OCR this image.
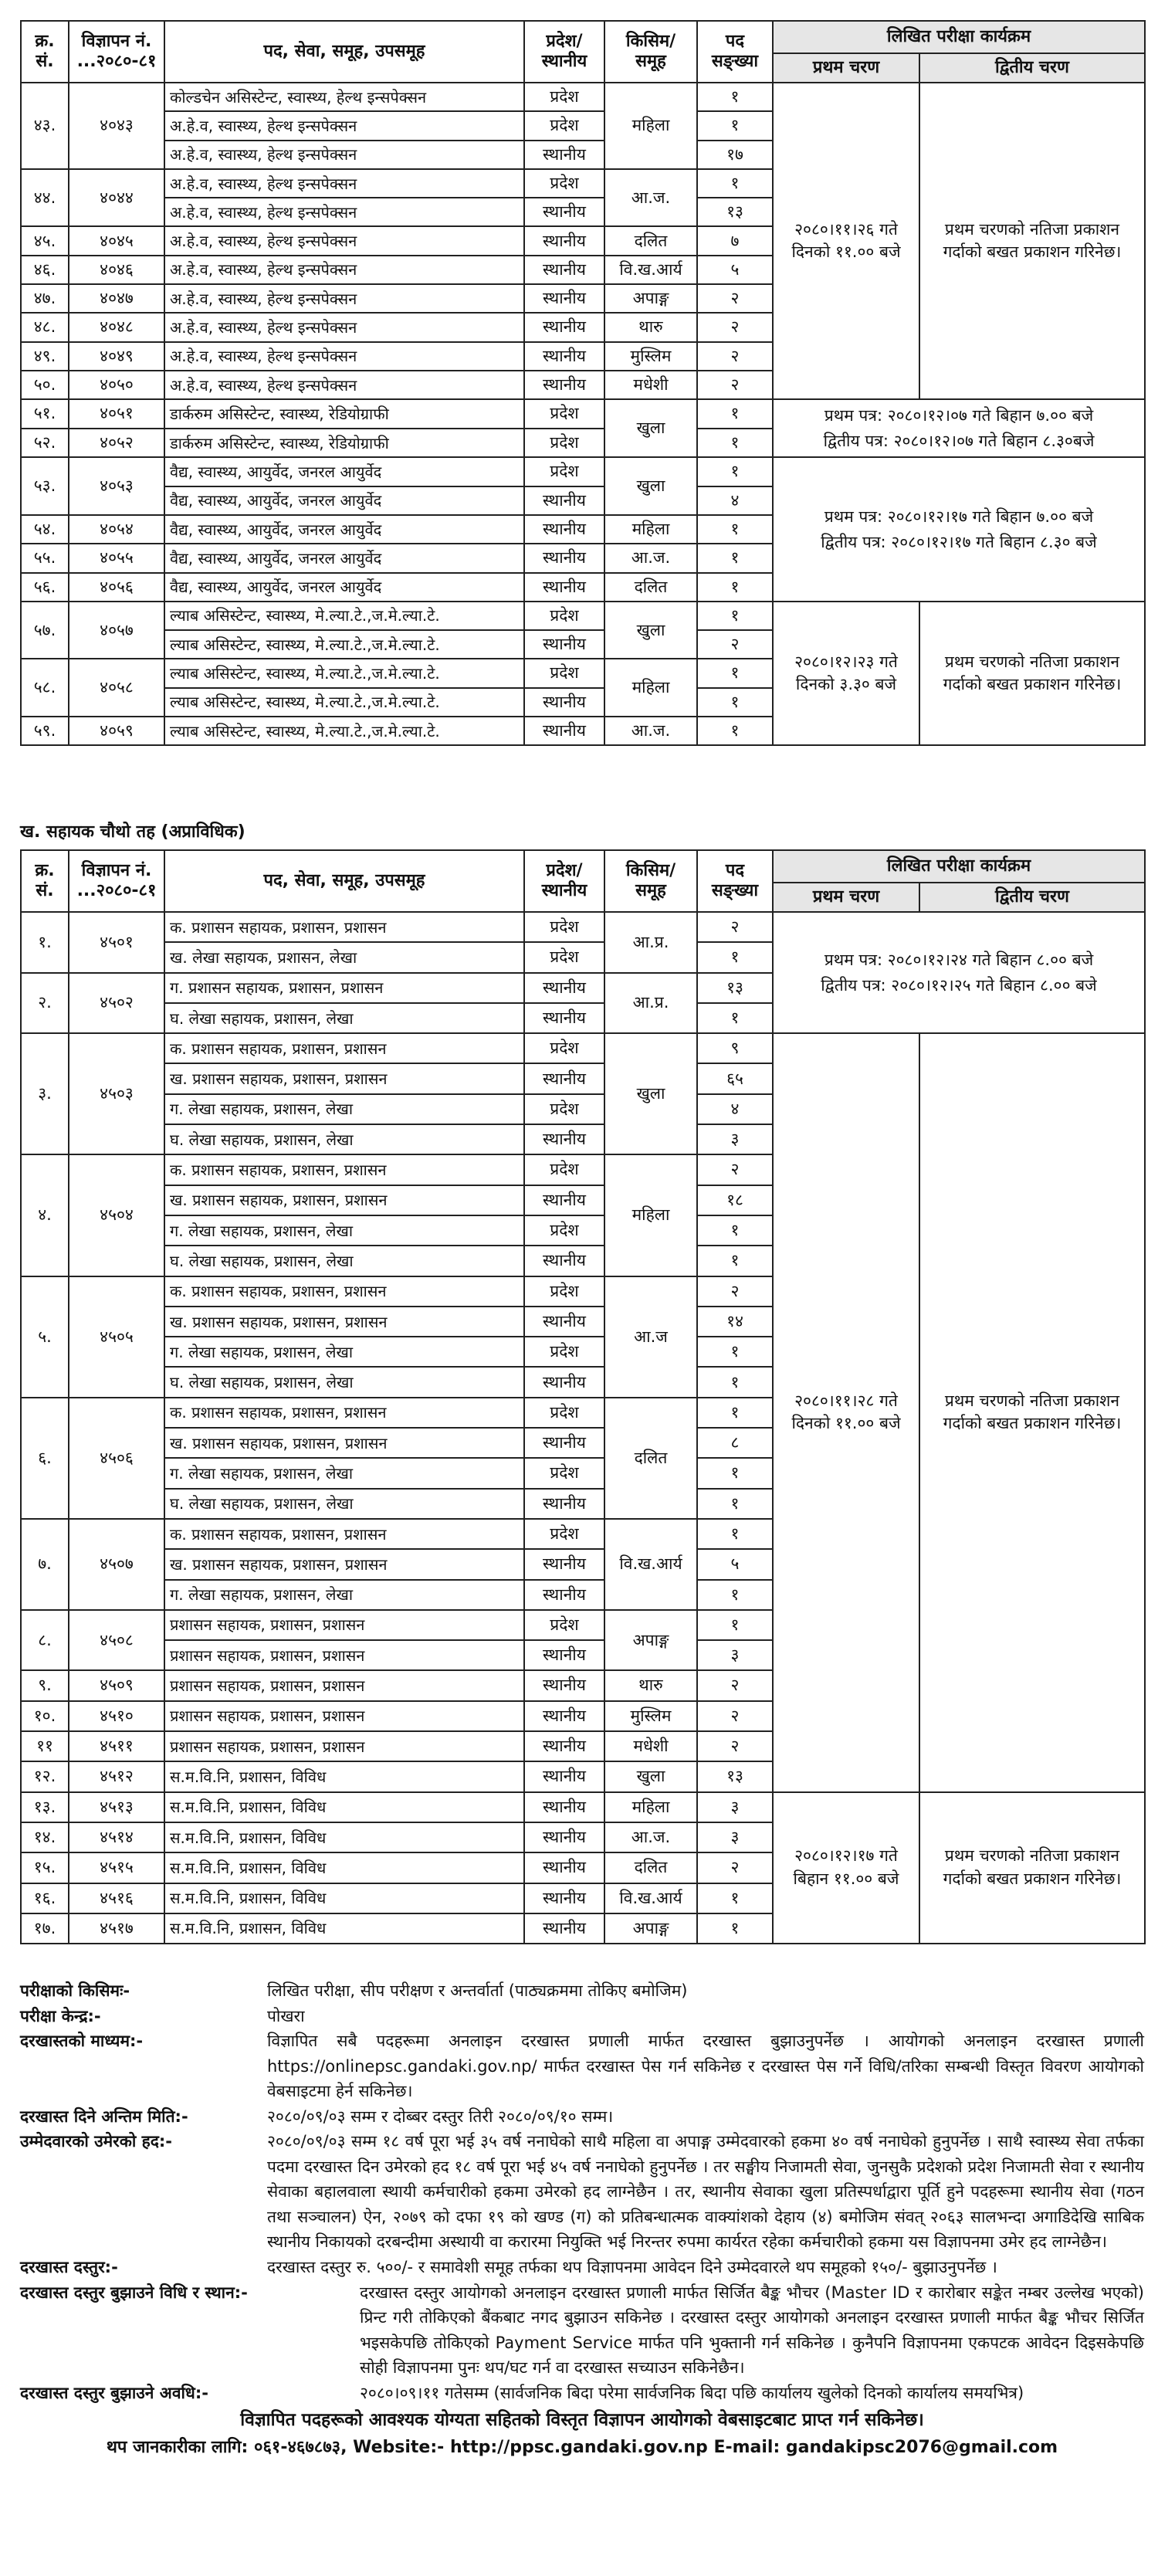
क्र. सं.	विज्ञापन नं. ...२०८०-८१	पद, सेवा, समूह, उपसमूह	प्रदेश/ स्थानीय	किसिम/ समूह	पद सङ्ख्या	लिखित परीक्षा कार्यक्रम	
						प्रथम चरण	द्वितीय चरण
४३.	४०४३	कोल्डचेन असिस्टेन्ट, स्वास्थ्य, हेल्थ इन्सपेक्सन	प्रदेश	महिला	१	२०८०।११।२६ गते दिनको ११.०० बजे	प्रथम चरणको नतिजा प्रकाशन गर्दाको बखत प्रकाशन गरिनेछ।
		अ.हे.व, स्वास्थ्य, हेल्थ इन्सपेक्सन	प्रदेश		१		
		अ.हे.व, स्वास्थ्य, हेल्थ इन्सपेक्सन	स्थानीय		१७		
४४.	४०४४	अ.हे.व, स्वास्थ्य, हेल्थ इन्सपेक्सन	प्रदेश	आ.ज.	१		
		अ.हे.व, स्वास्थ्य, हेल्थ इन्सपेक्सन	स्थानीय		१३		
४५.	४०४५	अ.हे.व, स्वास्थ्य, हेल्थ इन्सपेक्सन	स्थानीय	दलित	७		
४६.	४०४६	अ.हे.व, स्वास्थ्य, हेल्थ इन्सपेक्सन	स्थानीय	वि.ख.आर्य	५		
४७.	४०४७	अ.हे.व, स्वास्थ्य, हेल्थ इन्सपेक्सन	स्थानीय	अपाङ्ग	२		
४८.	४०४८	अ.हे.व, स्वास्थ्य, हेल्थ इन्सपेक्सन	स्थानीय	थारु	२		
४९.	४०४९	अ.हे.व, स्वास्थ्य, हेल्थ इन्सपेक्सन	स्थानीय	मुस्लिम	२		
५०.	४०५०	अ.हे.व, स्वास्थ्य, हेल्थ इन्सपेक्सन	स्थानीय	मधेशी	२		
५१.	४०५१	डार्करुम असिस्टेन्ट, स्वास्थ्य, रेडियोग्राफी	प्रदेश	खुला	१	प्रथम पत्र: २०८०।१२।०७ गते बिहान ७.०० बजे
द्वितीय पत्र: २०८०।१२।०७ गते बिहान ८.३०बजे	

५२.	४०५२	डार्करुम असिस्टेन्ट, स्वास्थ्य, रेडियोग्राफी	प्रदेश		१		
५३.	४०५३	वैद्य, स्वास्थ्य, आयुर्वेद, जनरल आयुर्वेद	प्रदेश	खुला	१	प्रथम पत्र: २०८०।१२।१७ गते बिहान ७.०० बजे
द्वितीय पत्र: २०८०।१२।१७ गते बिहान ८.३० बजे	

		वैद्य, स्वास्थ्य, आयुर्वेद, जनरल आयुर्वेद	स्थानीय		४		
५४.	४०५४	वैद्य, स्वास्थ्य, आयुर्वेद, जनरल आयुर्वेद	स्थानीय	महिला	१		
५५.	४०५५	वैद्य, स्वास्थ्य, आयुर्वेद, जनरल आयुर्वेद	स्थानीय	आ.ज.	१		
५६.	४०५६	वैद्य, स्वास्थ्य, आयुर्वेद, जनरल आयुर्वेद	स्थानीय	दलित	१		
५७.	४०५७	ल्याब असिस्टेन्ट, स्वास्थ्य, मे.ल्या.टे.,ज.मे.ल्या.टे.	प्रदेश	खुला	१	२०८०।१२।२३ गते दिनको ३.३० बजे	प्रथम चरणको नतिजा प्रकाशन गर्दाको बखत प्रकाशन गरिनेछ।
		ल्याब असिस्टेन्ट, स्वास्थ्य, मे.ल्या.टे.,ज.मे.ल्या.टे.	स्थानीय		२		
५८.	४०५८	ल्याब असिस्टेन्ट, स्वास्थ्य, मे.ल्या.टे.,ज.मे.ल्या.टे.	प्रदेश	महिला	१		
		ल्याब असिस्टेन्ट, स्वास्थ्य, मे.ल्या.टे.,ज.मे.ल्या.टे.	स्थानीय		१		
५९.	४०५९	ल्याब असिस्टेन्ट, स्वास्थ्य, मे.ल्या.टे.,ज.मे.ल्या.टे.	स्थानीय	आ.ज.	१		
ख. सहायक चौथो तह (अप्राविधिक)
क्र. सं.	विज्ञापन नं. ...२०८०-८१	पद, सेवा, समूह, उपसमूह	प्रदेश/ स्थानीय	किसिम/ समूह	पद सङ्ख्या	लिखित परीक्षा कार्यक्रम	
						प्रथम चरण	द्वितीय चरण
१.	४५०१	क. प्रशासन सहायक, प्रशासन, प्रशासन	प्रदेश	आ.प्र.	२	प्रथम पत्र: २०८०।१२।२४ गते बिहान ८.०० बजे
द्वितीय पत्र: २०८०।१२।२५ गते बिहान ८.०० बजे	

		ख. लेखा सहायक, प्रशासन, लेखा	प्रदेश		१		
२.	४५०२	ग. प्रशासन सहायक, प्रशासन, प्रशासन	स्थानीय	आ.प्र.	१३		
		घ. लेखा सहायक, प्रशासन, लेखा	स्थानीय		१		
३.	४५०३	क. प्रशासन सहायक, प्रशासन, प्रशासन	प्रदेश	खुला	९	२०८०।११।२८ गते दिनको ११.०० बजे	प्रथम चरणको नतिजा प्रकाशन गर्दाको बखत प्रकाशन गरिनेछ।
		ख. प्रशासन सहायक, प्रशासन, प्रशासन	स्थानीय		६५		
		ग. लेखा सहायक, प्रशासन, लेखा	प्रदेश		४		
		घ. लेखा सहायक, प्रशासन, लेखा	स्थानीय		३		
४.	४५०४	क. प्रशासन सहायक, प्रशासन, प्रशासन	प्रदेश	महिला	२		
		ख. प्रशासन सहायक, प्रशासन, प्रशासन	स्थानीय		१८		
		ग. लेखा सहायक, प्रशासन, लेखा	प्रदेश		१		
		घ. लेखा सहायक, प्रशासन, लेखा	स्थानीय		१		
५.	४५०५	क. प्रशासन सहायक, प्रशासन, प्रशासन	प्रदेश	आ.ज	२		
		ख. प्रशासन सहायक, प्रशासन, प्रशासन	स्थानीय		१४		
		ग. लेखा सहायक, प्रशासन, लेखा	प्रदेश		१		
		घ. लेखा सहायक, प्रशासन, लेखा	स्थानीय		१		
६.	४५०६	क. प्रशासन सहायक, प्रशासन, प्रशासन	प्रदेश	दलित	१		
		ख. प्रशासन सहायक, प्रशासन, प्रशासन	स्थानीय		८		
		ग. लेखा सहायक, प्रशासन, लेखा	प्रदेश		१		
		घ. लेखा सहायक, प्रशासन, लेखा	स्थानीय		१		
७.	४५०७	क. प्रशासन सहायक, प्रशासन, प्रशासन	प्रदेश	वि.ख.आर्य	१		
		ख. प्रशासन सहायक, प्रशासन, प्रशासन	स्थानीय		५		
		ग. लेखा सहायक, प्रशासन, लेखा	स्थानीय		१		
८.	४५०८	प्रशासन सहायक, प्रशासन, प्रशासन	प्रदेश	अपाङ्ग	१		
		प्रशासन सहायक, प्रशासन, प्रशासन	स्थानीय		३		
९.	४५०९	प्रशासन सहायक, प्रशासन, प्रशासन	स्थानीय	थारु	२		
१०.	४५१०	प्रशासन सहायक, प्रशासन, प्रशासन	स्थानीय	मुस्लिम	२		
११	४५११	प्रशासन सहायक, प्रशासन, प्रशासन	स्थानीय	मधेशी	२		
१२.	४५१२	स.म.वि.नि, प्रशासन, विविध	स्थानीय	खुला	१३		
१३.	४५१३	स.म.वि.नि, प्रशासन, विविध	स्थानीय	महिला	३	२०८०।१२।१७ गते बिहान ११.०० बजे	प्रथम चरणको नतिजा प्रकाशन गर्दाको बखत प्रकाशन गरिनेछ।
१४.	४५१४	स.म.वि.नि, प्रशासन, विविध	स्थानीय	आ.ज.	३		
१५.	४५१५	स.म.वि.नि, प्रशासन, विविध	स्थानीय	दलित	२		
१६.	४५१६	स.म.वि.नि, प्रशासन, विविध	स्थानीय	वि.ख.आर्य	१		
१७.	४५१७	स.म.वि.नि, प्रशासन, विविध	स्थानीय	अपाङ्ग	१		
परीक्षाको किसिमः-	लिखित परीक्षा, सीप परीक्षण र अन्तर्वार्ता (पाठ्यक्रममा तोकिए बमोजिम)
परीक्षा केन्द्र:-	पोखरा
दरखास्तको माध्यम:-	विज्ञापित सबै पदहरूमा अनलाइन दरखास्त प्रणाली मार्फत दरखास्त बुझाउनुपर्नेछ । आयोगको अनलाइन दरखास्त प्रणाली https://onlinepsc.gandaki.gov.np/ मार्फत दरखास्त पेस गर्न सकिनेछ र दरखास्त पेस गर्ने विधि/तरिका सम्बन्धी विस्तृत विवरण आयोगको वेबसाइटमा हेर्न सकिनेछ।
दरखास्त दिने अन्तिम मिति:-	२०८०/०९/०३ सम्म र दोब्बर दस्तुर तिरी २०८०/०९/१० सम्म।
उम्मेदवारको उमेरको हद:-	२०८०/०९/०३ सम्म १८ वर्ष पूरा भई ३५ वर्ष ननाघेको साथै महिला वा अपाङ्ग उम्मेदवारको हकमा ४० वर्ष ननाघेको हुनुपर्नेछ । साथै स्वास्थ्य सेवा तर्फका पदमा दरखास्त दिन उमेरको हद १८ वर्ष पूरा भई ४५ वर्ष ननाघेको हुनुपर्नेछ । तर सङ्घीय निजामती सेवा, जुनसुकै प्रदेशको प्रदेश निजामती सेवा र स्थानीय सेवाका बहालवाला स्थायी कर्मचारीको हकमा उमेरको हद लाग्नेछैन । तर, स्थानीय सेवाका खुला प्रतिस्पर्धाद्वारा पूर्ति हुने पदहरूमा स्थानीय सेवा (गठन तथा सञ्चालन) ऐन, २०७९ को दफा १९ को खण्ड (ग) को प्रतिबन्धात्मक वाक्यांशको देहाय (४) बमोजिम संवत् २०६३ सालभन्दा अगाडिदेखि साबिक स्थानीय निकायको दरबन्दीमा अस्थायी वा करारमा नियुक्ति भई निरन्तर रुपमा कार्यरत रहेका कर्मचारीको हकमा यस विज्ञापनमा उमेर हद लाग्नेछैन।
दरखास्त दस्तुर:-	दरखास्त दस्तुर रु. ५००/- र समावेशी समूह तर्फका थप विज्ञापनमा आवेदन दिने उम्मेदवारले थप समूहको १५०/- बुझाउनुपर्नेछ ।
दरखास्त दस्तुर बुझाउने विधि र स्थान:-	दरखास्त दस्तुर आयोगको अनलाइन दरखास्त प्रणाली मार्फत सिर्जित बैङ्क भौचर (Master ID र कारोबार सङ्केत नम्बर उल्लेख भएको) प्रिन्ट गरी तोकिएको बैंकबाट नगद बुझाउन सकिनेछ । दरखास्त दस्तुर आयोगको अनलाइन दरखास्त प्रणाली मार्फत बैङ्क भौचर सिर्जित भइसकेपछि तोकिएको Payment Service मार्फत पनि भुक्तानी गर्न सकिनेछ । कुनैपनि विज्ञापनमा एकपटक आवेदन दिइसकेपछि सोही विज्ञापनमा पुनः थप/घट गर्न वा दरखास्त सच्याउन सकिनेछैन।
दरखास्त दस्तुर बुझाउने अवधि:-	२०८०।०९।११ गतेसम्म (सार्वजनिक बिदा परेमा सार्वजनिक बिदा पछि कार्यालय खुलेको दिनको कार्यालय समयभित्र)
विज्ञापित पदहरूको आवश्यक योग्यता सहितको विस्तृत विज्ञापन आयोगको वेबसाइटबाट प्राप्त गर्न सकिनेछ।
थप जानकारीका लागि: ०६१-४६७८७३, Website:- http://ppsc.gandaki.gov.np E-mail: gandakipsc2076@gmail.com
